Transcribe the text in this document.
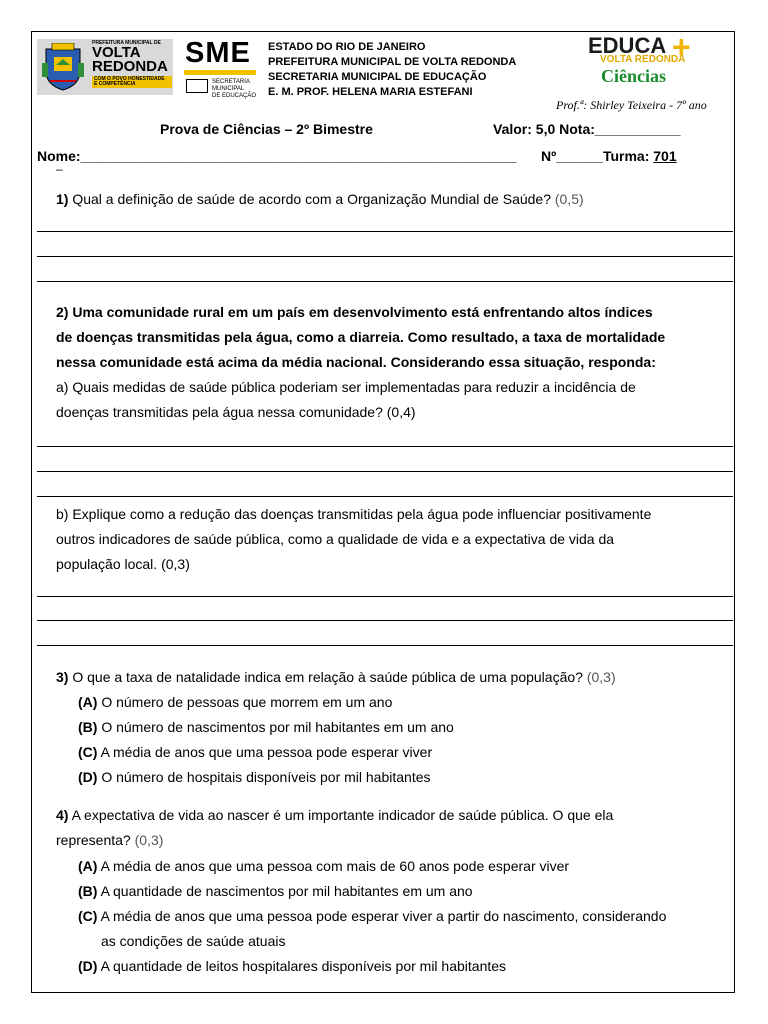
PREFEITURA MUNICIPAL DE
VOLTA
REDONDA
COM O POVO HONESTIDADE
E COMPETÊNCIA
SME
SECRETARIA MUNICIPAL
DE EDUCAÇÃO
ESTADO DO RIO DE JANEIRO
PREFEITURA MUNICIPAL DE VOLTA REDONDA
SECRETARIA MUNICIPAL DE EDUCAÇÃO
E. M. PROF. HELENA MARIA ESTEFANI
EDUCA +
VOLTA REDONDA
Ciências
Prof.ª: Shirley Teixeira - 7º ano
Prova de Ciências – 2º Bimestre	Valor: 5,0 Nota:___________
Nome:________________________________________________________ Nº______Turma: 701
–
1) Qual a definição de saúde de acordo com a Organização Mundial de Saúde? (0,5)
2) Uma comunidade rural em um país em desenvolvimento está enfrentando altos índices
de doenças transmitidas pela água, como a diarreia. Como resultado, a taxa de mortalidade
nessa comunidade está acima da média nacional. Considerando essa situação, responda:
a) Quais medidas de saúde pública poderiam ser implementadas para reduzir a incidência de
doenças transmitidas pela água nessa comunidade? (0,4)
b) Explique como a redução das doenças transmitidas pela água pode influenciar positivamente
outros indicadores de saúde pública, como a qualidade de vida e a expectativa de vida da
população local. (0,3)
3) O que a taxa de natalidade indica em relação à saúde pública de uma população? (0,3)
(A) O número de pessoas que morrem em um ano
(B) O número de nascimentos por mil habitantes em um ano
(C) A média de anos que uma pessoa pode esperar viver
(D) O número de hospitais disponíveis por mil habitantes
4) A expectativa de vida ao nascer é um importante indicador de saúde pública. O que ela
representa? (0,3)
(A) A média de anos que uma pessoa com mais de 60 anos pode esperar viver
(B) A quantidade de nascimentos por mil habitantes em um ano
(C) A média de anos que uma pessoa pode esperar viver a partir do nascimento, considerando
as condições de saúde atuais
(D) A quantidade de leitos hospitalares disponíveis por mil habitantes
